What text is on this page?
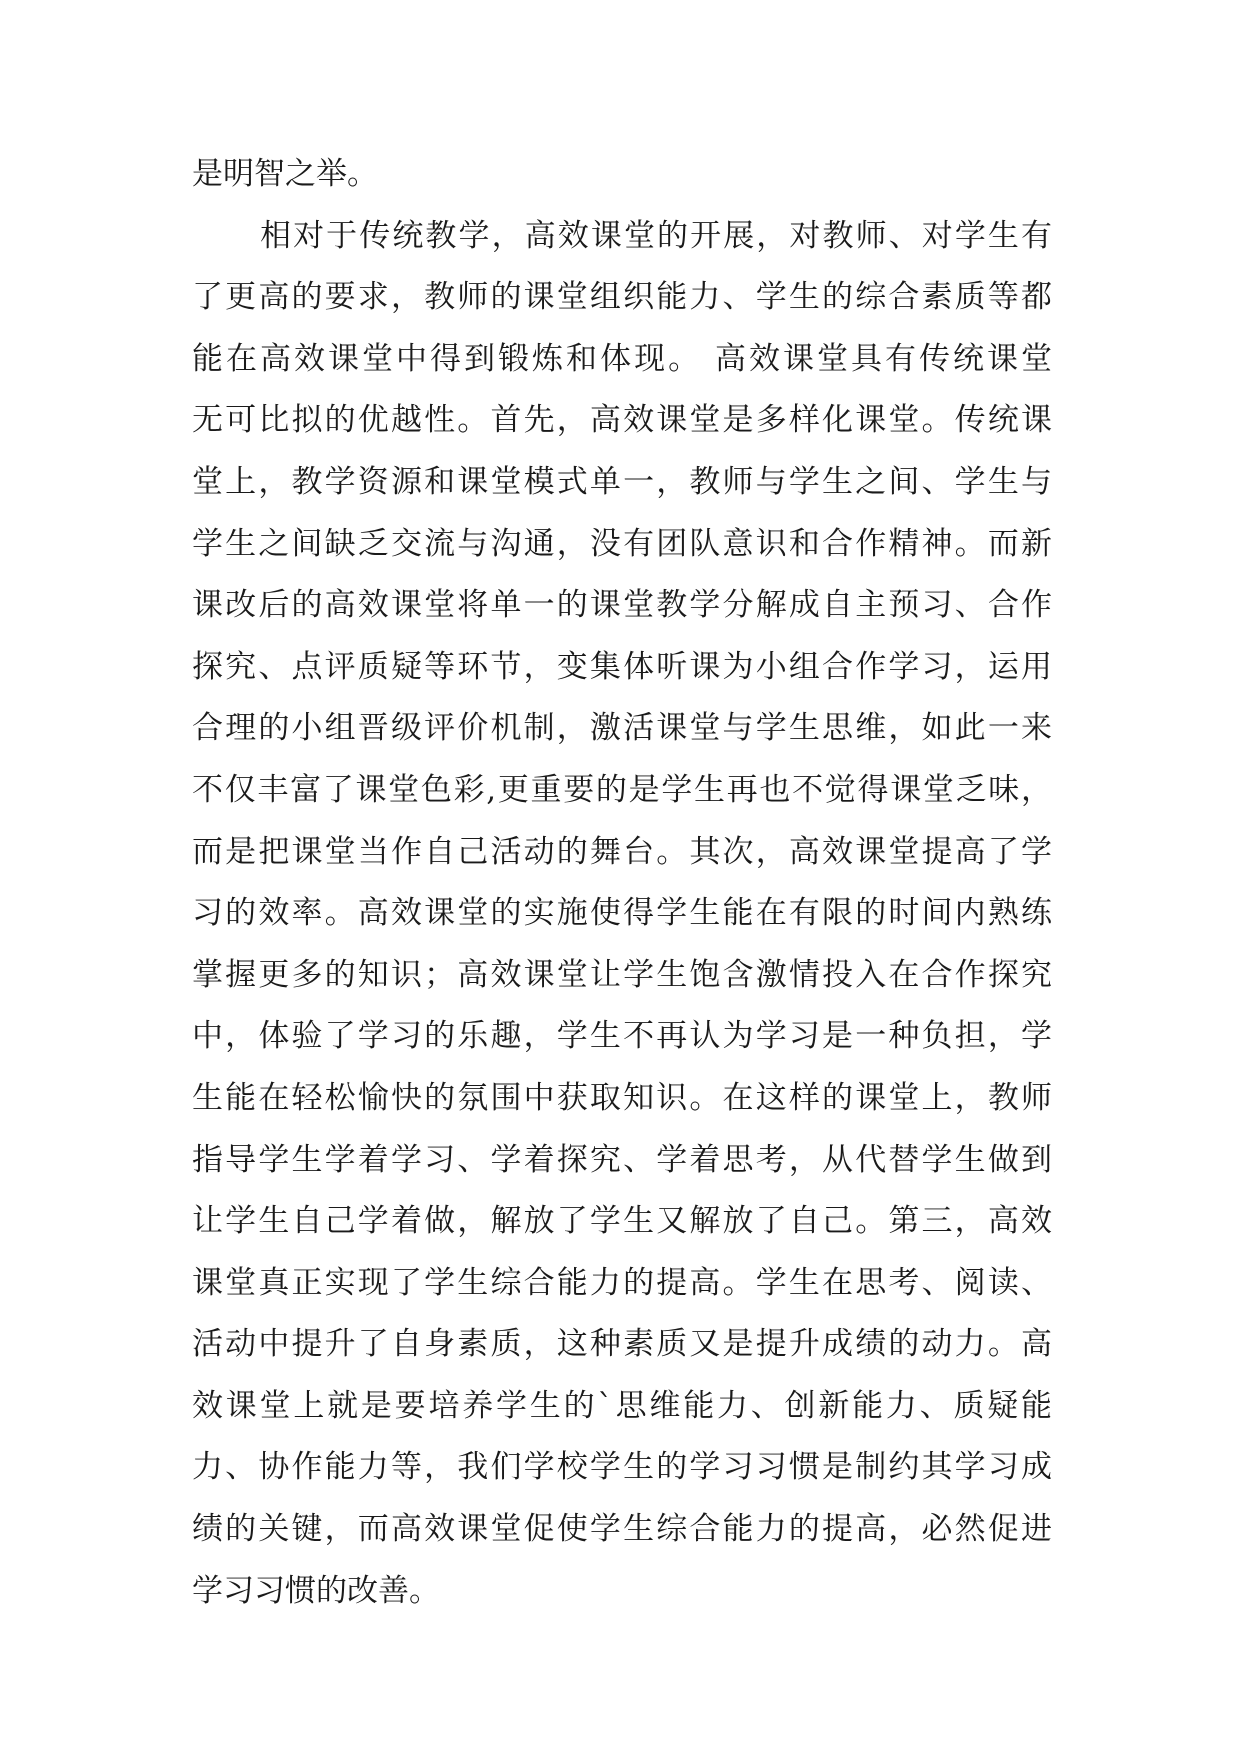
是明智之举。
相对于传统教学，高效课堂的开展，对教师、对学生有
了更高的要求，教师的课堂组织能力、学生的综合素质等都
能在高效课堂中得到锻炼和体现。 高效课堂具有传统课堂
无可比拟的优越性。首先，高效课堂是多样化课堂。传统课
堂上，教学资源和课堂模式单一，教师与学生之间、学生与
学生之间缺乏交流与沟通，没有团队意识和合作精神。而新
课改后的高效课堂将单一的课堂教学分解成自主预习、合作
探究、点评质疑等环节，变集体听课为小组合作学习，运用
合理的小组晋级评价机制，激活课堂与学生思维，如此一来
不仅丰富了课堂色彩,更重要的是学生再也不觉得课堂乏味，
而是把课堂当作自己活动的舞台。其次，高效课堂提高了学
习的效率。高效课堂的实施使得学生能在有限的时间内熟练
掌握更多的知识；高效课堂让学生饱含激情投入在合作探究
中，体验了学习的乐趣，学生不再认为学习是一种负担，学
生能在轻松愉快的氛围中获取知识。在这样的课堂上，教师
指导学生学着学习、学着探究、学着思考，从代替学生做到
让学生自己学着做，解放了学生又解放了自己。第三，高效
课堂真正实现了学生综合能力的提高。学生在思考、阅读、
活动中提升了自身素质，这种素质又是提升成绩的动力。高
效课堂上就是要培养学生的`思维能力、创新能力、质疑能
力、协作能力等，我们学校学生的学习习惯是制约其学习成
绩的关键，而高效课堂促使学生综合能力的提高，必然促进
学习习惯的改善。
